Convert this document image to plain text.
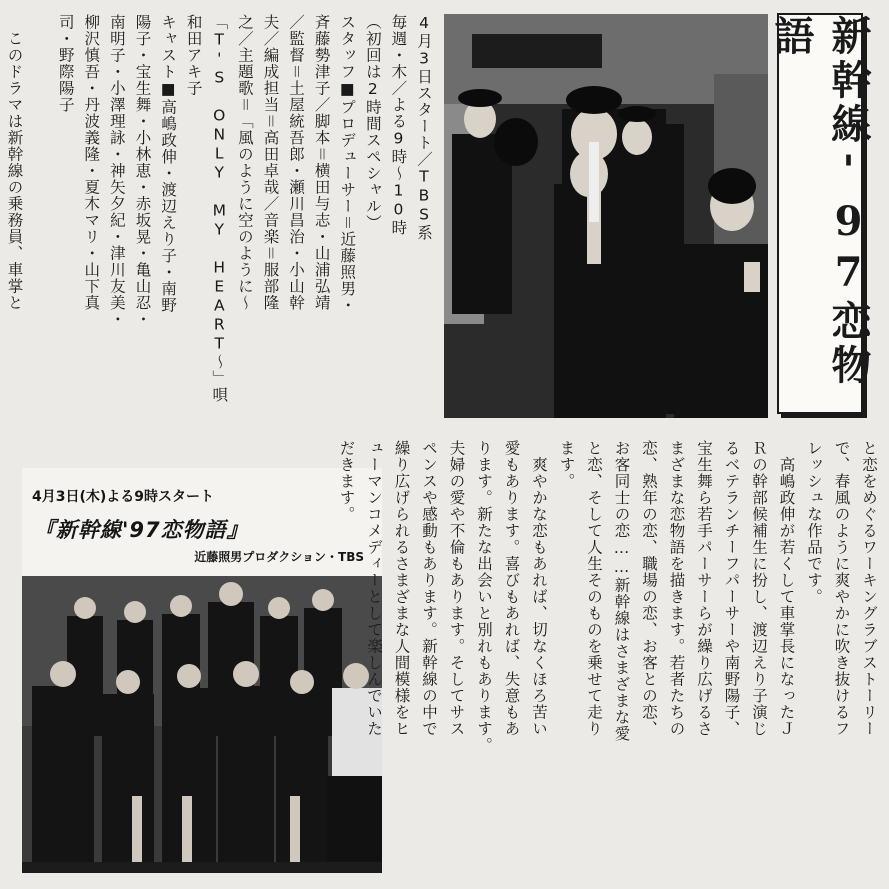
4月3日スタート／TBS系
毎週・木／よる9時～10時
（初回は2時間スペシャル）
スタッフ■プロデューサー＝近藤照男・
斉藤勢津子／脚本＝横田与志・山浦弘靖
／監督＝土屋統吾郎・瀬川昌治・小山幹
夫／編成担当＝高田卓哉／音楽＝服部隆
之／主題歌＝「風のように空のように～
「T'S ONLY MY HEART～」唄 和田アキ子
キャスト■高嶋政伸・渡辺えり子・南野
陽子・宝生舞・小林恵・赤坂晃・亀山忍・
南明子・小澤理詠・神矢夕紀・津川友美・
柳沢慎吾・丹波義隆・夏木マリ・山下真
司・野際陽子

　このドラマは新幹線の乗務員、車掌と	新幹線'97恋物語
4月3日(木)よる9時スタート
『新幹線'97恋物語』
近藤照男プロダクション・TBS	と恋をめぐるワーキングラブストーリー
で、春風のように爽やかに吹き抜けるフ
レッシュな作品です。
　高嶋政伸が若くして車掌長になったＪ
Ｒの幹部候補生に扮し、渡辺えり子演じ
るベテランチーフパーサーや南野陽子、
宝生舞ら若手パーサーらが繰り広げるさ
まざまな恋物語を描きます。若者たちの
恋、熟年の恋、職場の恋、お客との恋、
お客同士の恋……新幹線はさまざまな愛
と恋、そして人生そのものを乗せて走り
ます。
　爽やかな恋もあれば、切なくほろ苦い
愛もあります。喜びもあれば、失意もあ
ります。新たな出会いと別れもあります。
夫婦の愛や不倫もあります。そしてサス
ペンスや感動もあります。新幹線の中で
繰り広げられるさまざまな人間模様をヒ
ューマンコメディーとして楽しんでいた
だきます。
